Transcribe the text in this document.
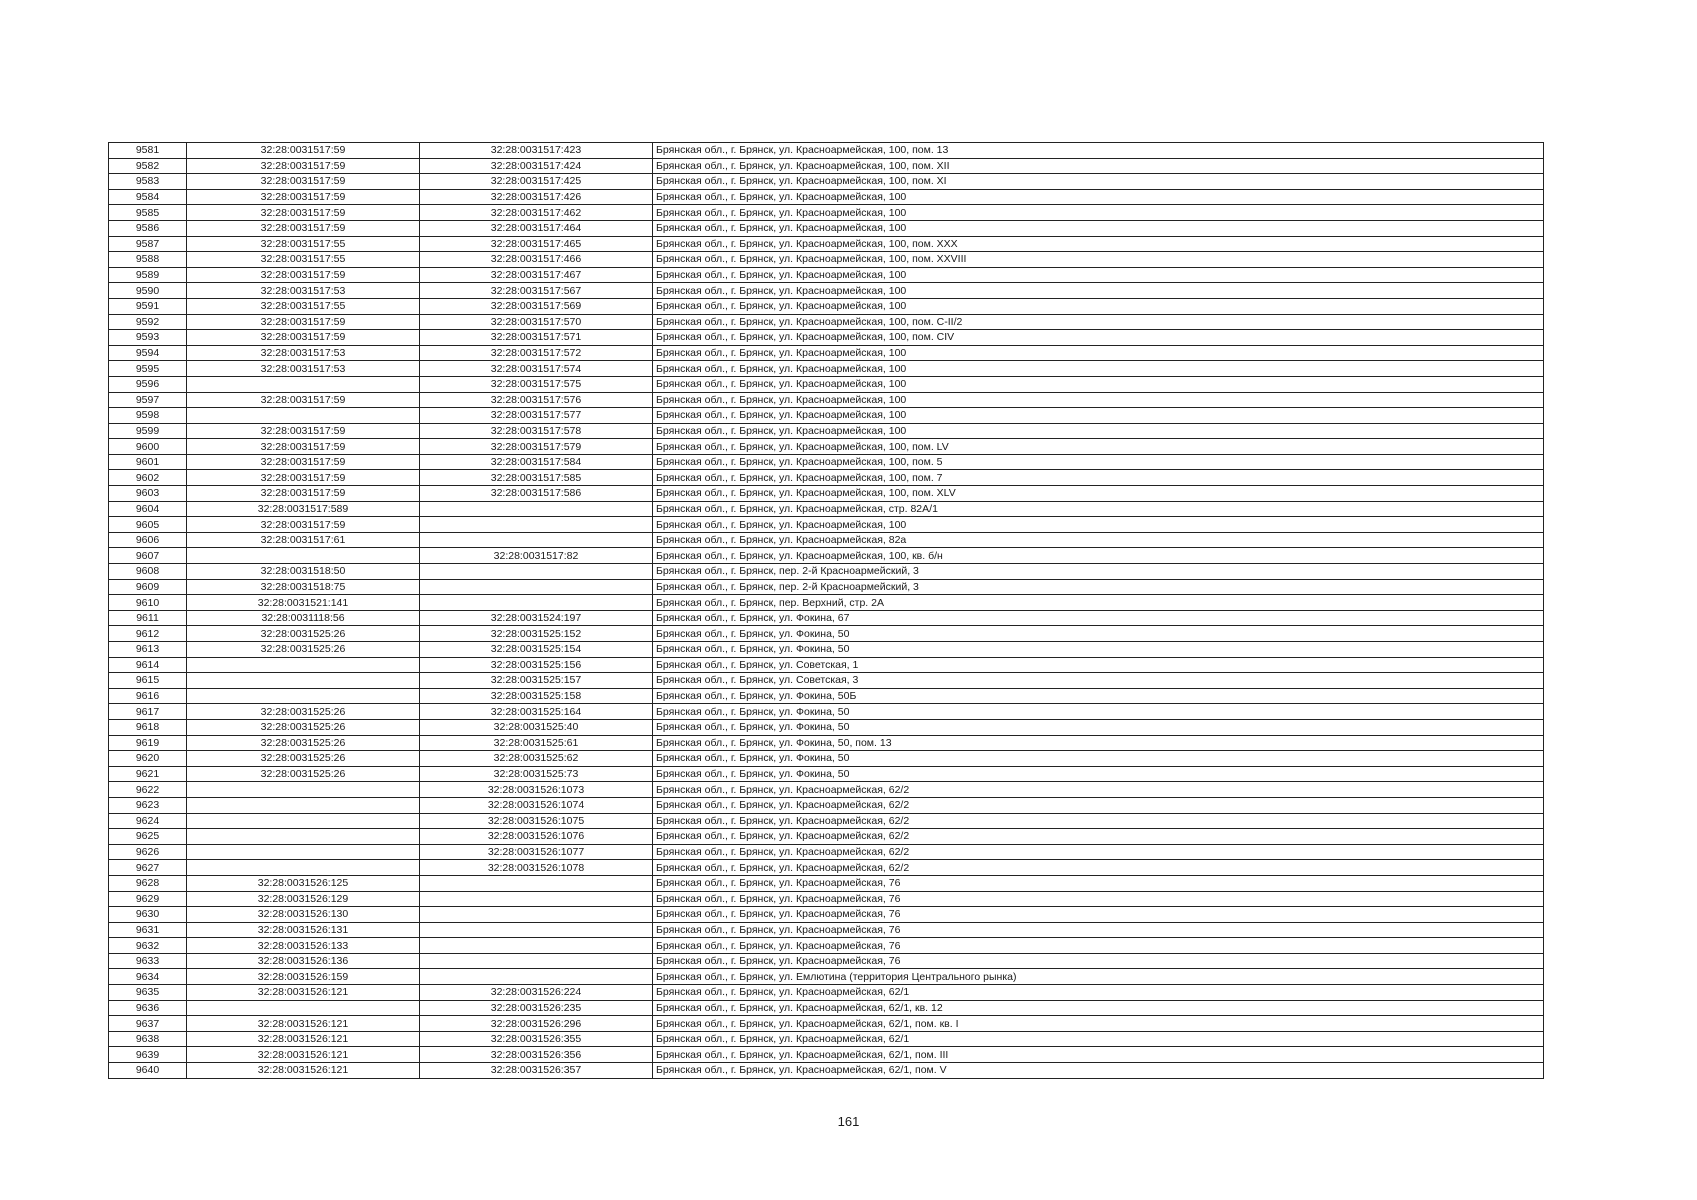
9581	32:28:0031517:59	32:28:0031517:423	Брянская обл., г. Брянск, ул. Красноармейская, 100, пом. 13
9582	32:28:0031517:59	32:28:0031517:424	Брянская обл., г. Брянск, ул. Красноармейская, 100, пом. XII
9583	32:28:0031517:59	32:28:0031517:425	Брянская обл., г. Брянск, ул. Красноармейская, 100, пом. XI
9584	32:28:0031517:59	32:28:0031517:426	Брянская обл., г. Брянск, ул. Красноармейская, 100
9585	32:28:0031517:59	32:28:0031517:462	Брянская обл., г. Брянск, ул. Красноармейская, 100
9586	32:28:0031517:59	32:28:0031517:464	Брянская обл., г. Брянск, ул. Красноармейская, 100
9587	32:28:0031517:55	32:28:0031517:465	Брянская обл., г. Брянск, ул. Красноармейская, 100, пом. XXX
9588	32:28:0031517:55	32:28:0031517:466	Брянская обл., г. Брянск, ул. Красноармейская, 100, пом. XXVIII
9589	32:28:0031517:59	32:28:0031517:467	Брянская обл., г. Брянск, ул. Красноармейская, 100
9590	32:28:0031517:53	32:28:0031517:567	Брянская обл., г. Брянск, ул. Красноармейская, 100
9591	32:28:0031517:55	32:28:0031517:569	Брянская обл., г. Брянск, ул. Красноармейская, 100
9592	32:28:0031517:59	32:28:0031517:570	Брянская обл., г. Брянск, ул. Красноармейская, 100, пом. C-II/2
9593	32:28:0031517:59	32:28:0031517:571	Брянская обл., г. Брянск, ул. Красноармейская, 100, пом. CIV
9594	32:28:0031517:53	32:28:0031517:572	Брянская обл., г. Брянск, ул. Красноармейская, 100
9595	32:28:0031517:53	32:28:0031517:574	Брянская обл., г. Брянск, ул. Красноармейская, 100
9596		32:28:0031517:575	Брянская обл., г. Брянск, ул. Красноармейская, 100
9597	32:28:0031517:59	32:28:0031517:576	Брянская обл., г. Брянск, ул. Красноармейская, 100
9598		32:28:0031517:577	Брянская обл., г. Брянск, ул. Красноармейская, 100
9599	32:28:0031517:59	32:28:0031517:578	Брянская обл., г. Брянск, ул. Красноармейская, 100
9600	32:28:0031517:59	32:28:0031517:579	Брянская обл., г. Брянск, ул. Красноармейская, 100, пом. LV
9601	32:28:0031517:59	32:28:0031517:584	Брянская обл., г. Брянск, ул. Красноармейская, 100, пом. 5
9602	32:28:0031517:59	32:28:0031517:585	Брянская обл., г. Брянск, ул. Красноармейская, 100, пом. 7
9603	32:28:0031517:59	32:28:0031517:586	Брянская обл., г. Брянск, ул. Красноармейская, 100, пом. XLV
9604	32:28:0031517:589		Брянская обл., г. Брянск, ул. Красноармейская, стр. 82А/1
9605	32:28:0031517:59		Брянская обл., г. Брянск, ул. Красноармейская, 100
9606	32:28:0031517:61		Брянская обл., г. Брянск, ул. Красноармейская, 82а
9607		32:28:0031517:82	Брянская обл., г. Брянск, ул. Красноармейская, 100, кв. б/н
9608	32:28:0031518:50		Брянская обл., г. Брянск, пер. 2-й Красноармейский, 3
9609	32:28:0031518:75		Брянская обл., г. Брянск, пер. 2-й Красноармейский, 3
9610	32:28:0031521:141		Брянская обл., г. Брянск, пер. Верхний, стр. 2А
9611	32:28:0031118:56	32:28:0031524:197	Брянская обл., г. Брянск, ул. Фокина, 67
9612	32:28:0031525:26	32:28:0031525:152	Брянская обл., г. Брянск, ул. Фокина, 50
9613	32:28:0031525:26	32:28:0031525:154	Брянская обл., г. Брянск, ул. Фокина, 50
9614		32:28:0031525:156	Брянская обл., г. Брянск, ул. Советская, 1
9615		32:28:0031525:157	Брянская обл., г. Брянск, ул. Советская, 3
9616		32:28:0031525:158	Брянская обл., г. Брянск, ул. Фокина, 50Б
9617	32:28:0031525:26	32:28:0031525:164	Брянская обл., г. Брянск, ул. Фокина, 50
9618	32:28:0031525:26	32:28:0031525:40	Брянская обл., г. Брянск, ул. Фокина, 50
9619	32:28:0031525:26	32:28:0031525:61	Брянская обл., г. Брянск, ул. Фокина, 50, пом. 13
9620	32:28:0031525:26	32:28:0031525:62	Брянская обл., г. Брянск, ул. Фокина, 50
9621	32:28:0031525:26	32:28:0031525:73	Брянская обл., г. Брянск, ул. Фокина, 50
9622		32:28:0031526:1073	Брянская обл., г. Брянск, ул. Красноармейская, 62/2
9623		32:28:0031526:1074	Брянская обл., г. Брянск, ул. Красноармейская, 62/2
9624		32:28:0031526:1075	Брянская обл., г. Брянск, ул. Красноармейская, 62/2
9625		32:28:0031526:1076	Брянская обл., г. Брянск, ул. Красноармейская, 62/2
9626		32:28:0031526:1077	Брянская обл., г. Брянск, ул. Красноармейская, 62/2
9627		32:28:0031526:1078	Брянская обл., г. Брянск, ул. Красноармейская, 62/2
9628	32:28:0031526:125		Брянская обл., г. Брянск, ул. Красноармейская, 76
9629	32:28:0031526:129		Брянская обл., г. Брянск, ул. Красноармейская, 76
9630	32:28:0031526:130		Брянская обл., г. Брянск, ул. Красноармейская, 76
9631	32:28:0031526:131		Брянская обл., г. Брянск, ул. Красноармейская, 76
9632	32:28:0031526:133		Брянская обл., г. Брянск, ул. Красноармейская, 76
9633	32:28:0031526:136		Брянская обл., г. Брянск, ул. Красноармейская, 76
9634	32:28:0031526:159		Брянская обл., г. Брянск, ул. Емлютина (территория Центрального рынка)
9635	32:28:0031526:121	32:28:0031526:224	Брянская обл., г. Брянск, ул. Красноармейская, 62/1
9636		32:28:0031526:235	Брянская обл., г. Брянск, ул. Красноармейская, 62/1, кв. 12
9637	32:28:0031526:121	32:28:0031526:296	Брянская обл., г. Брянск, ул. Красноармейская, 62/1, пом. кв. I
9638	32:28:0031526:121	32:28:0031526:355	Брянская обл., г. Брянск, ул. Красноармейская, 62/1
9639	32:28:0031526:121	32:28:0031526:356	Брянская обл., г. Брянск, ул. Красноармейская, 62/1, пом. III
9640	32:28:0031526:121	32:28:0031526:357	Брянская обл., г. Брянск, ул. Красноармейская, 62/1, пом. V
161
